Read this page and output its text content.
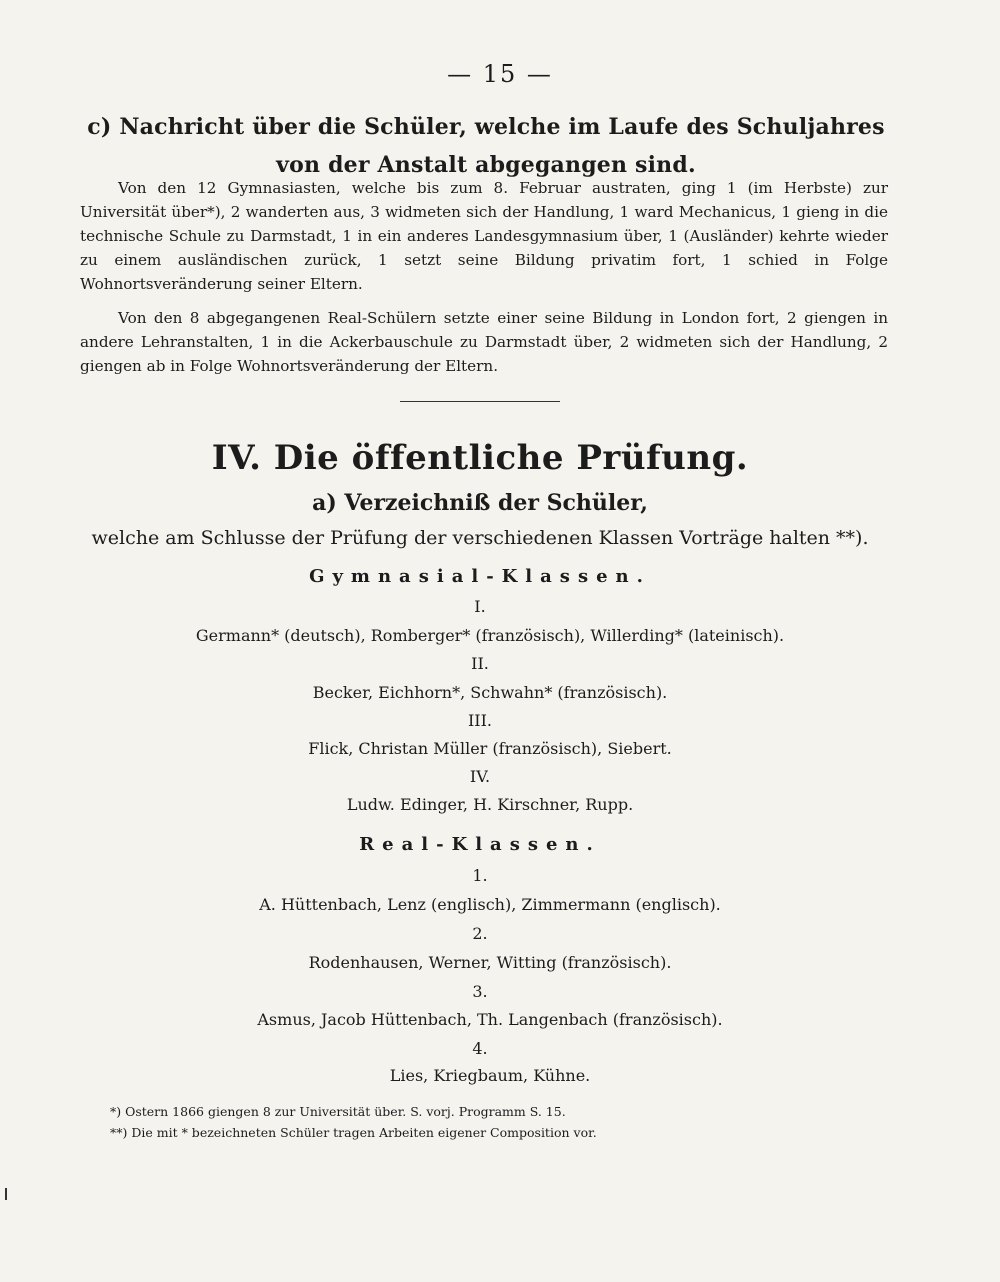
— 15 —
c) Nachricht über die Schüler, welche im Laufe des Schuljahres von der Anstalt abgegangen sind.
Von den 12 Gymnasiasten, welche bis zum 8. Februar austraten, ging 1 (im Herbste) zur Universität über*), 2 wanderten aus, 3 widmeten sich der Handlung, 1 ward Mechanicus, 1 gieng in die technische Schule zu Darmstadt, 1 in ein anderes Landesgymnasium über, 1 (Ausländer) kehrte wieder zu einem ausländischen zurück, 1 setzt seine Bildung privatim fort, 1 schied in Folge Wohnortsveränderung seiner Eltern.
Von den 8 abgegangenen Real-Schülern setzte einer seine Bildung in London fort, 2 giengen in andere Lehranstalten, 1 in die Ackerbauschule zu Darmstadt über, 2 widmeten sich der Handlung, 2 giengen ab in Folge Wohnortsveränderung der Eltern.
IV. Die öffentliche Prüfung.
a) Verzeichniß der Schüler,
welche am Schlusse der Prüfung der verschiedenen Klassen Vorträge halten **).
Gymnasial-Klassen.
I.
Germann* (deutsch), Romberger* (französisch), Willerding* (lateinisch).
II.
Becker, Eichhorn*, Schwahn* (französisch).
III.
Flick, Christan Müller (französisch), Siebert.
IV.
Ludw. Edinger, H. Kirschner, Rupp.
Real-Klassen.
1.
A. Hüttenbach, Lenz (englisch), Zimmermann (englisch).
2.
Rodenhausen, Werner, Witting (französisch).
3.
Asmus, Jacob Hüttenbach, Th. Langenbach (französisch).
4.
Lies, Kriegbaum, Kühne.
*) Ostern 1866 giengen 8 zur Universität über. S. vorj. Programm S. 15.
**) Die mit * bezeichneten Schüler tragen Arbeiten eigener Composition vor.
